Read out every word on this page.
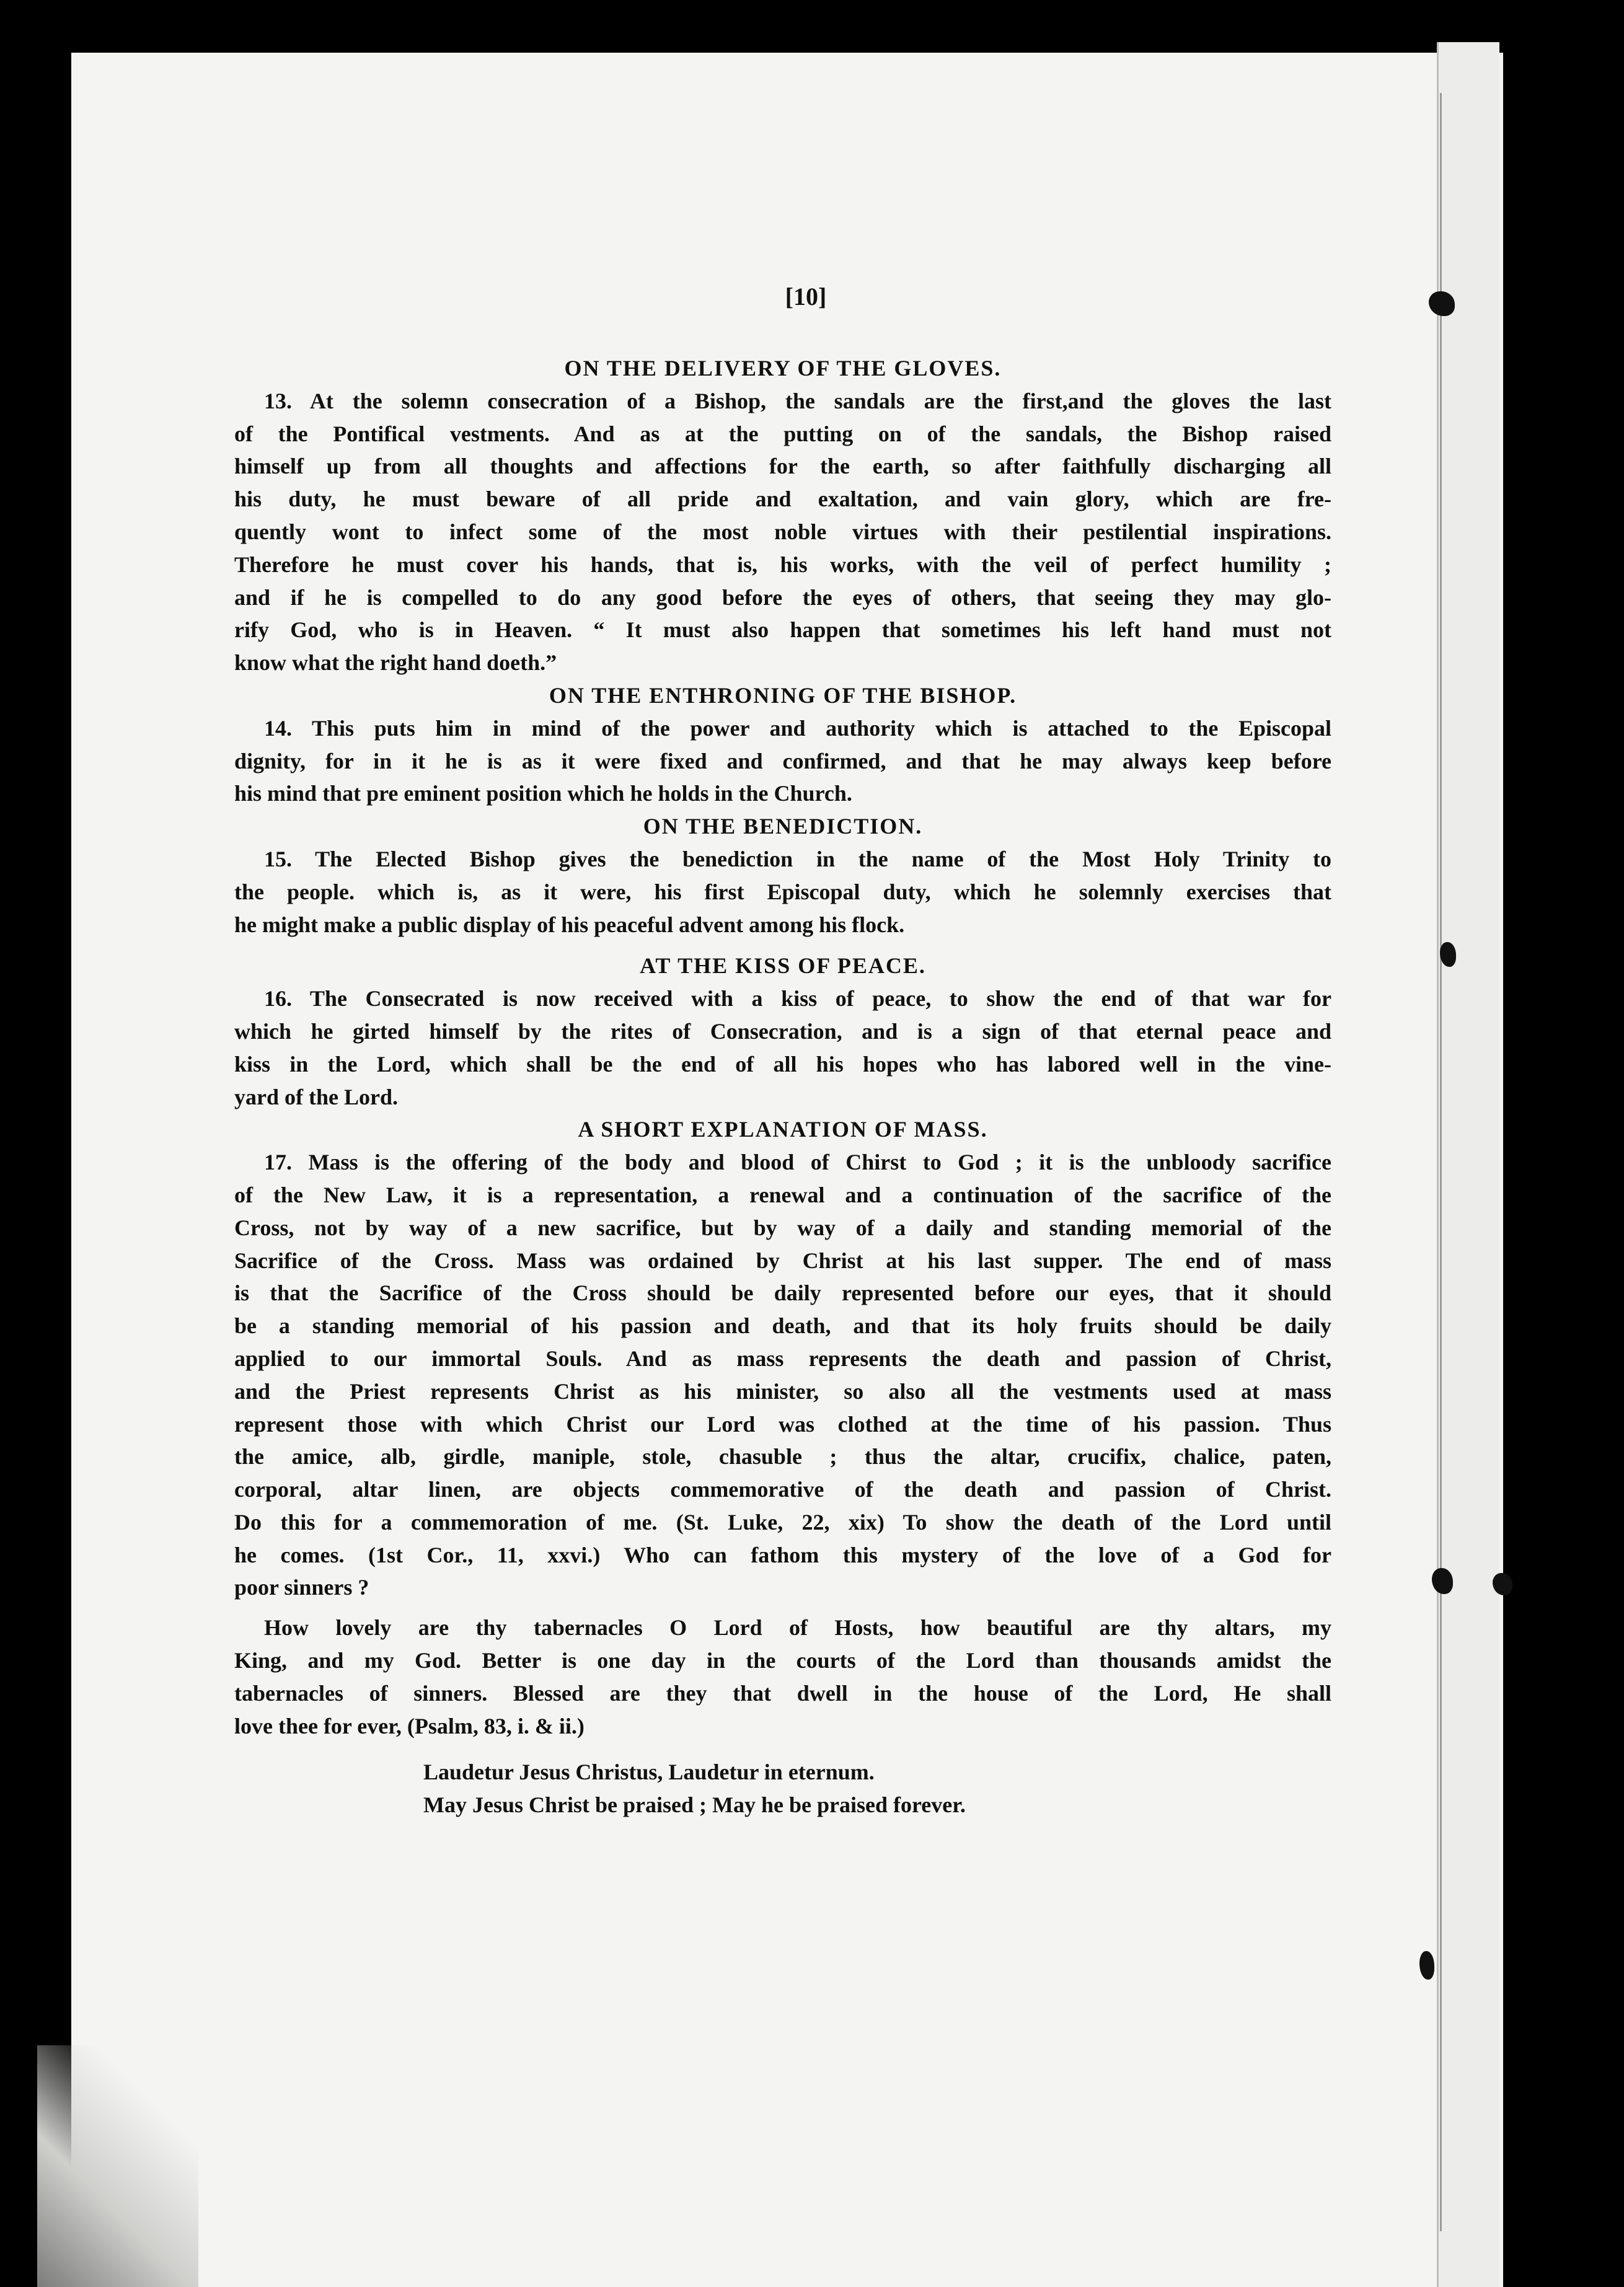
[10]
ON THE DELIVERY OF THE GLOVES.
13. At the solemn consecration of a Bishop, the sandals are the first,and the gloves the last
of the Pontifical vestments. And as at the putting on of the sandals, the Bishop raised
himself up from all thoughts and affections for the earth, so after faithfully discharging all
his duty, he must beware of all pride and exaltation, and vain glory, which are fre-
quently wont to infect some of the most noble virtues with their pestilential inspirations.
Therefore he must cover his hands, that is, his works, with the veil of perfect humility ;
and if he is compelled to do any good before the eyes of others, that seeing they may glo-
rify God, who is in Heaven. “ It must also happen that sometimes his left hand must not
know what the right hand doeth.”
ON THE ENTHRONING OF THE BISHOP.
14. This puts him in mind of the power and authority which is attached to the Episcopal
dignity, for in it he is as it were fixed and confirmed, and that he may always keep before
his mind that pre eminent position which he holds in the Church.
ON THE BENEDICTION.
15. The Elected Bishop gives the benediction in the name of the Most Holy Trinity to
the people. which is, as it were, his first Episcopal duty, which he solemnly exercises that
he might make a public display of his peaceful advent among his flock.
AT THE KISS OF PEACE.
16. The Consecrated is now received with a kiss of peace, to show the end of that war for
which he girted himself by the rites of Consecration, and is a sign of that eternal peace and
kiss in the Lord, which shall be the end of all his hopes who has labored well in the vine-
yard of the Lord.
A SHORT EXPLANATION OF MASS.
17. Mass is the offering of the body and blood of Chirst to God ; it is the unbloody sacrifice
of the New Law, it is a representation, a renewal and a continuation of the sacrifice of the
Cross, not by way of a new sacrifice, but by way of a daily and standing memorial of the
Sacrifice of the Cross. Mass was ordained by Christ at his last supper. The end of mass
is that the Sacrifice of the Cross should be daily represented before our eyes, that it should
be a standing memorial of his passion and death, and that its holy fruits should be daily
applied to our immortal Souls. And as mass represents the death and passion of Christ,
and the Priest represents Christ as his minister, so also all the vestments used at mass
represent those with which Christ our Lord was clothed at the time of his passion. Thus
the amice, alb, girdle, maniple, stole, chasuble ; thus the altar, crucifix, chalice, paten,
corporal, altar linen, are objects commemorative of the death and passion of Christ.
Do this for a commemoration of me. (St. Luke, 22, xix) To show the death of the Lord until
he comes. (1st Cor., 11, xxvi.) Who can fathom this mystery of the love of a God for
poor sinners ?
How lovely are thy tabernacles O Lord of Hosts, how beautiful are thy altars, my
King, and my God. Better is one day in the courts of the Lord than thousands amidst the
tabernacles of sinners. Blessed are they that dwell in the house of the Lord, He shall
love thee for ever, (Psalm, 83, i. & ii.)
Laudetur Jesus Christus, Laudetur in eternum.
May Jesus Christ be praised ; May he be praised forever.
